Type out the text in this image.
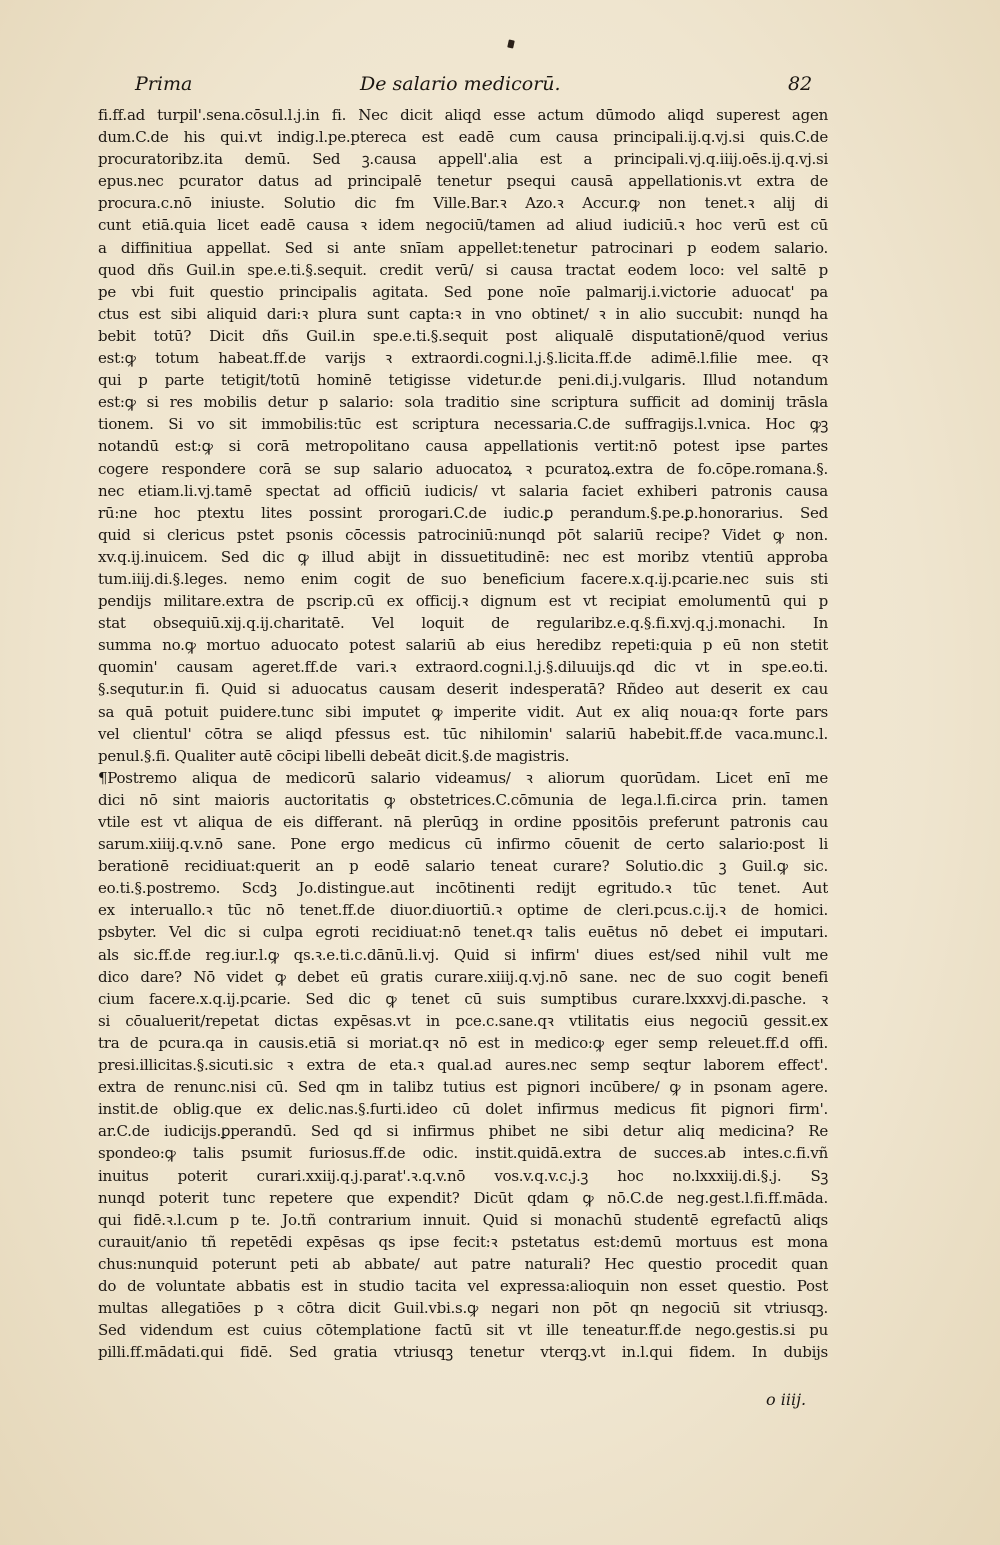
Prima	De salario medicorū.	82
fi.ff.ad turpil'.sena.cōsul.l.j.in fi. Nec dicit aliqd esse actum dūmodo aliqd superest agen
dum.C.de his qui.vt indig.l.pe.ptereca est eadē cum causa principali.ij.q.vj.si quis.C.de
procuratoribz.ita demū. Sed ꝫ.causa appell'.alia est a principali.vj.q.iiij.oēs.ij.q.vj.si
epus.nec pcurator datus ad principalē tenetur psequi causā appellationis.vt extra de
procura.c.nō iniuste. Solutio dic fm Ville.Bar.ꝛ Azo.ꝛ Accur.ꝙ non tenet.ꝛ alij di
cunt etiā.quia licet eadē causa ꝛ idem negociū/tamen ad aliud iudiciū.ꝛ hoc verū est cū
a diffinitiua appellat. Sed si ante snīam appellet:tenetur patrocinari p eodem salario.
quod dñs Guil.in spe.e.ti.§.sequit. credit verū/ si causa tractat eodem loco: vel saltē p
pe vbi fuit questio principalis agitata. Sed pone noīe palmarij.i.victorie aduocat' pa
ctus est sibi aliquid dari:ꝛ plura sunt capta:ꝛ in vno obtinet/ ꝛ in alio succubit: nunqd ha
bebit totū? Dicit dñs Guil.in spe.e.ti.§.sequit post aliqualē disputationē/quod verius
est:ꝙ totum habeat.ff.de varijs ꝛ extraordi.cogni.l.j.§.licita.ff.de adimē.l.filie mee. qꝛ
qui p parte tetigit/totū hominē tetigisse videtur.de peni.di.j.vulgaris. Illud notandum
est:ꝙ si res mobilis detur p salario: sola traditio sine scriptura sufficit ad dominij trāsla
tionem. Si vo sit immobilis:tūc est scriptura necessaria.C.de suffragijs.l.vnica. Hoc ꝙꝫ
notandū est:ꝙ si corā metropolitano causa appellationis vertit:nō potest ipse partes
cogere respondere corā se sup salario aduocatoꝝ ꝛ pcuratoꝝ.extra de fo.cōpe.romana.§.
nec etiam.li.vj.tamē spectat ad officiū iudicis/ vt salaria faciet exhiberi patronis causa
rū:ne hoc ptextu lites possint prorogari.C.de iudic.ꝑ perandum.§.pe.ꝑ.honorarius. Sed
quid si clericus pstet psonis cōcessis patrociniū:nunqd pōt salariū recipe? Videt ꝙ non.
xv.q.ij.inuicem. Sed dic ꝙ illud abijt in dissuetitudinē: nec est moribz vtentiū approba
tum.iiij.di.§.leges. nemo enim cogit de suo beneficium facere.x.q.ij.pcarie.nec suis sti
pendijs militare.extra de pscrip.cū ex officij.ꝛ dignum est vt recipiat emolumentū qui p
stat obsequiū.xij.q.ij.charitatē. Vel loquit de regularibz.e.q.§.fi.xvj.q.j.monachi. In
summa no.ꝙ mortuo aduocato potest salariū ab eius heredibz repeti:quia p eū non stetit
quomin' causam ageret.ff.de vari.ꝛ extraord.cogni.l.j.§.diluuijs.qd dic vt in spe.eo.ti.
§.sequtur.in fi. Quid si aduocatus causam deserit indesperatā? Rñdeo aut deserit ex cau
sa quā potuit puidere.tunc sibi imputet ꝙ imperite vidit. Aut ex aliq noua:qꝛ forte pars
vel clientul' cōtra se aliqd pfessus est. tūc nihilomin' salariū habebit.ff.de vaca.munc.l.
penul.§.fi. Qualiter autē cōcipi libelli debeāt dicit.§.de magistris.
¶Postremo aliqua de medicorū salario videamus/ ꝛ aliorum quorūdam. Licet enī me
dici nō sint maioris auctoritatis ꝙ obstetrices.C.cōmunia de lega.l.fi.circa prin. tamen
vtile est vt aliqua de eis differant. nā plerūqꝫ in ordine pꝑositōis preferunt patronis cau
sarum.xiiij.q.v.nō sane. Pone ergo medicus cū infirmo cōuenit de certo salario:post li
berationē recidiuat:querit an p eodē salario teneat curare? Solutio.dic ꝫ Guil.ꝙ sic.
eo.ti.§.postremo. Scdꝫ Jo.distingue.aut incōtinenti redijt egritudo.ꝛ tūc tenet. Aut
ex interuallo.ꝛ tūc nō tenet.ff.de diuor.diuortiū.ꝛ optime de cleri.pcus.c.ij.ꝛ de homici.
psbyter. Vel dic si culpa egroti recidiuat:nō tenet.qꝛ talis euētus nō debet ei imputari.
als sic.ff.de reg.iur.l.ꝙ qs.ꝛ.e.ti.c.dānū.li.vj. Quid si infirm' diues est/sed nihil vult me
dico dare? Nō videt ꝙ debet eū gratis curare.xiiij.q.vj.nō sane. nec de suo cogit benefi
cium facere.x.q.ij.pcarie. Sed dic ꝙ tenet cū suis sumptibus curare.lxxxvj.di.pasche. ꝛ
si cōualuerit/repetat dictas expēsas.vt in pce.c.sane.qꝛ vtilitatis eius negociū gessit.ex
tra de pcura.qa in causis.etiā si moriat.qꝛ nō est in medico:ꝙ eger semp releuet.ff.d offi.
presi.illicitas.§.sicuti.sic ꝛ extra de eta.ꝛ qual.ad aures.nec semp seqtur laborem effect'.
extra de renunc.nisi cū. Sed qm in talibz tutius est pignori incūbere/ ꝙ in psonam agere.
instit.de oblig.que ex delic.nas.§.furti.ideo cū dolet infirmus medicus fit pignori firm'.
ar.C.de iudicijs.ꝑperandū. Sed qd si infirmus phibet ne sibi detur aliq medicina? Re
spondeo:ꝙ talis psumit furiosus.ff.de odic. instit.quidā.extra de succes.ab intes.c.fi.vñ
inuitus poterit curari.xxiij.q.j.parat'.ꝛ.q.v.nō vos.v.q.v.c.j.ꝫ hoc no.lxxxiij.di.§.j. Sꝫ
nunqd poterit tunc repetere que expendit? Dicūt qdam ꝙ nō.C.de neg.gest.l.fi.ff.māda.
qui fidē.ꝛ.l.cum p te. Jo.tñ contrarium innuit. Quid si monachū studentē egrefactū aliqs
curauit/anio tñ repetēdi expēsas qs ipse fecit:ꝛ pstetatus est:demū mortuus est mona
chus:nunquid poterunt peti ab abbate/ aut patre naturali? Hec questio procedit quan
do de voluntate abbatis est in studio tacita vel expressa:alioquin non esset questio. Post
multas allegatiōes p ꝛ cōtra dicit Guil.vbi.s.ꝙ negari non pōt qn negociū sit vtriusqꝫ.
Sed videndum est cuius cōtemplatione factū sit vt ille teneatur.ff.de nego.gestis.si pu
pilli.ff.mādati.qui fidē. Sed gratia vtriusqꝫ tenetur vterqꝫ.vt in.l.qui fidem. In dubijs
o iiij.
